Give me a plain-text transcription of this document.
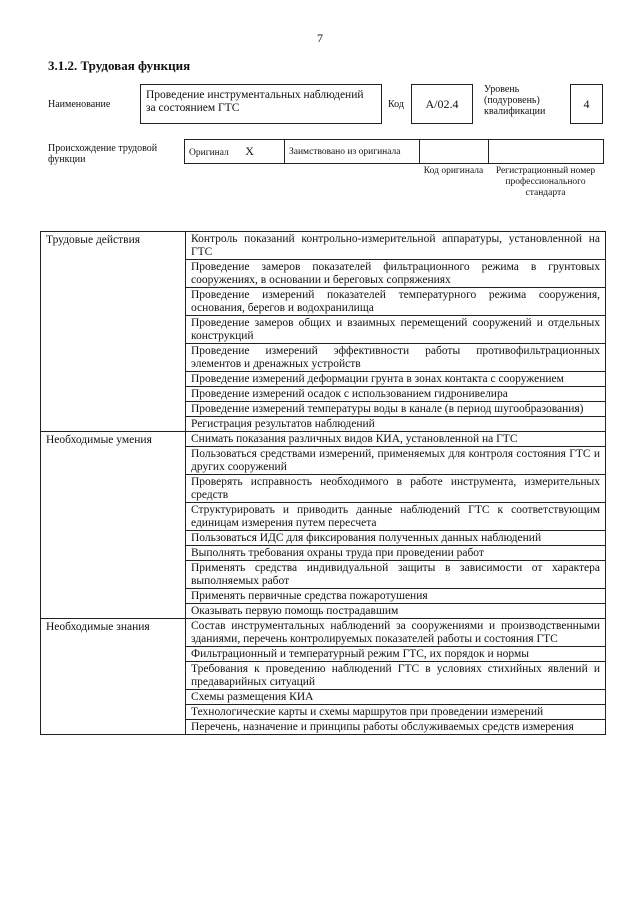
7
3.1.2. Трудовая функция
Наименование
Проведение инструментальных наблюдений за состоянием ГТС	Код	A/02.4
Уровень (подуровень) квалификации
4
Происхождение трудовой функции
Оригинал X	Заимствовано из оригинала		
Код оригинала	Регистрационный номер профессионального стандарта
Трудовые действия	Контроль показаний контрольно-измерительной аппаратуры, установленной на ГТС
	Проведение замеров показателей фильтрационного режима в грунтовых сооружениях, в основании и береговых сопряжениях
	Проведение измерений показателей температурного режима сооружения, основания, берегов и водохранилища
	Проведение замеров общих и взаимных перемещений сооружений и отдельных конструкций
	Проведение измерений эффективности работы противофильтрационных элементов и дренажных устройств
	Проведение измерений деформации грунта в зонах контакта с сооружением
	Проведение измерений осадок с использованием гидронивелира
	Проведение измерений температуры воды в канале (в период шугообразования)
	Регистрация результатов наблюдений
Необходимые умения	Снимать показания различных видов КИА, установленной на ГТС
	Пользоваться средствами измерений, применяемых для контроля состояния ГТС и других сооружений
	Проверять исправность необходимого в работе инструмента, измерительных средств
	Структурировать и приводить данные наблюдений ГТС к соответствующим единицам измерения путем пересчета
	Пользоваться ИДС для фиксирования полученных данных наблюдений
	Выполнять требования охраны труда при проведении работ
	Применять средства индивидуальной защиты в зависимости от характера выполняемых работ
	Применять первичные средства пожаротушения
	Оказывать первую помощь пострадавшим
Необходимые знания	Состав инструментальных наблюдений за сооружениями и производственными зданиями, перечень контролируемых показателей работы и состояния ГТС
	Фильтрационный и температурный режим ГТС, их порядок и нормы
	Требования к проведению наблюдений ГТС в условиях стихийных явлений и предаварийных ситуаций
	Схемы размещения КИА
	Технологические карты и схемы маршрутов при проведении измерений
	Перечень, назначение и принципы работы обслуживаемых средств измерения
